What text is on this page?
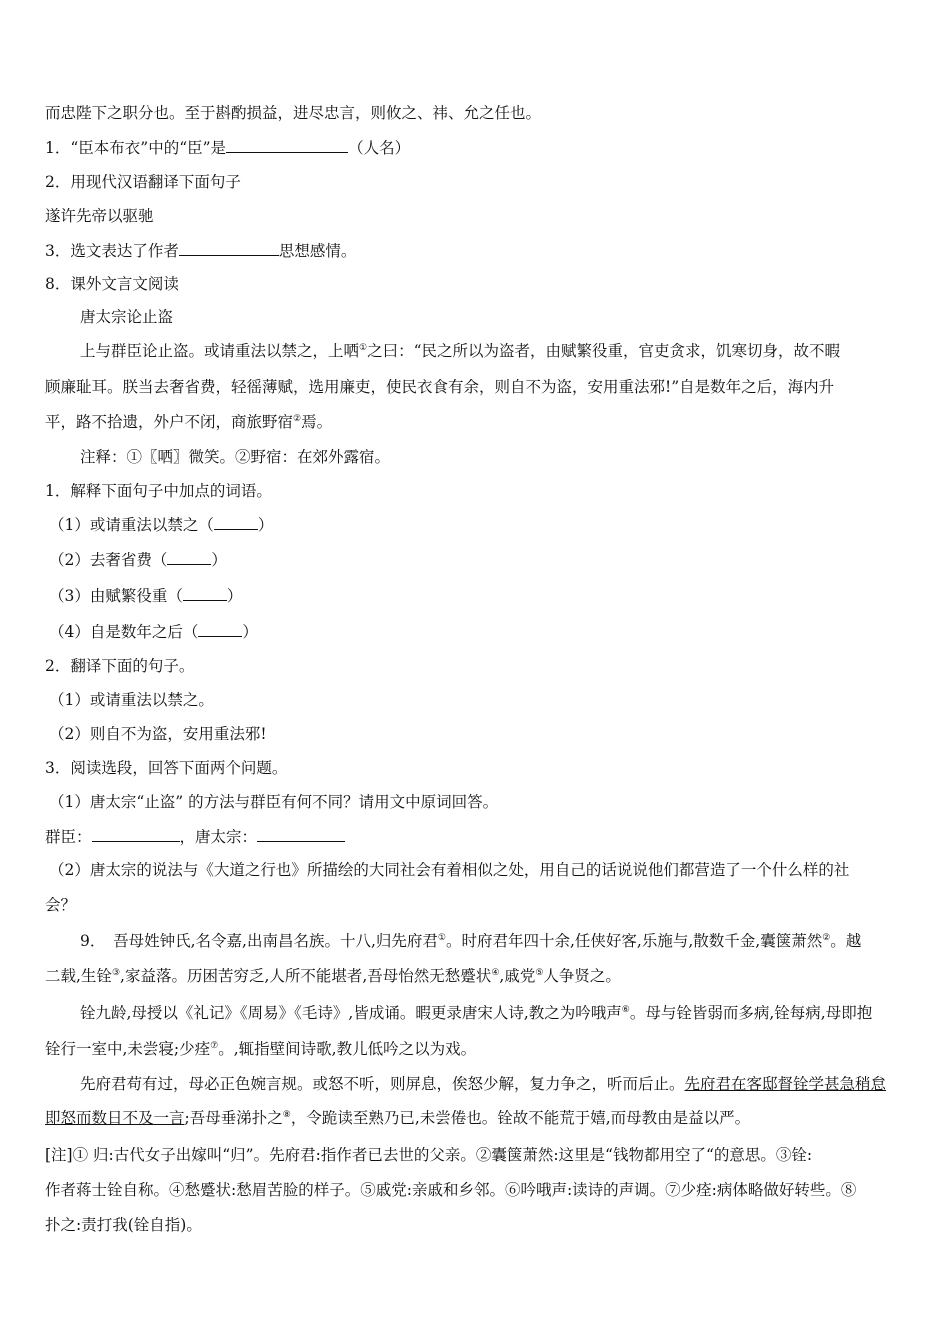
而忠陛下之职分也。至于斟酌损益，进尽忠言，则攸之、祎、允之任也。
1．“臣本布衣”中的“臣”是	（人名）
2．用现代汉语翻译下面句子
遂许先帝以驱驰
3．选文表达了作者	思想感情。
8．课外文言文阅读
唐太宗论止盗
上与群臣论止盗。或请重法以禁之，上哂①之曰：“民之所以为盗者，由赋繁役重，官吏贪求，饥寒切身，故不暇
顾廉耻耳。朕当去奢省费，轻徭薄赋，选用廉吏，使民衣食有余，则自不为盗，安用重法邪!”自是数年之后，海内升
平，路不拾遗，外户不闭，商旅野宿②焉。
注释：①〖哂〗微笑。②野宿：在郊外露宿。
1．解释下面句子中加点的词语。
（1）或请重法以禁之（	）
（2）去奢省费（	）
（3）由赋繁役重（	）
（4）自是数年之后（	）
2．翻译下面的句子。
（1）或请重法以禁之。
（2）则自不为盗，安用重法邪!
3．阅读选段，回答下面两个问题。
（1）唐太宗“止盗” 的方法与群臣有何不同？请用文中原词回答。
群臣：	，唐太宗：
（2）唐太宗的说法与《大道之行也》所描绘的大同社会有着相似之处，用自己的话说说他们都营造了一个什么样的社
会？
9．　吾母姓钟氏,名令嘉,出南昌名族。十八,归先府君①。时府君年四十余,任侠好客,乐施与,散数千金,囊箧萧然②。越
二载,生铨③,家益落。历困苦穷乏,人所不能堪者,吾母怡然无愁蹙状④,戚党⑤人争贤之。
铨九龄,母授以《礼记》《周易》《毛诗》,皆成诵。暇更录唐宋人诗,教之为吟哦声⑥。母与铨皆弱而多病,铨每病,母即抱
铨行一室中,未尝寝;少痊⑦。,辄指壁间诗歌,教儿低吟之以为戏。
先府君苟有过，母必正色婉言规。或怒不听，则屏息，俟怒少解，复力争之，听而后止。先府君在客邸督铨学甚急稍怠
即怒而数日不及一言;吾母垂涕扑之⑧，令跪读至熟乃已,未尝倦也。铨故不能荒于嬉,而母教由是益以严。
[注]① 归:古代女子出嫁叫“归”。先府君:指作者已去世的父亲。②囊箧萧然:这里是“钱物都用空了“的意思。③铨:
作者蒋士铨自称。④愁蹙状:愁眉苦脸的样子。⑤戚党:亲戚和乡邻。⑥吟哦声:读诗的声调。⑦少痊:病体略做好转些。⑧
扑之:责打我(铨自指)。
